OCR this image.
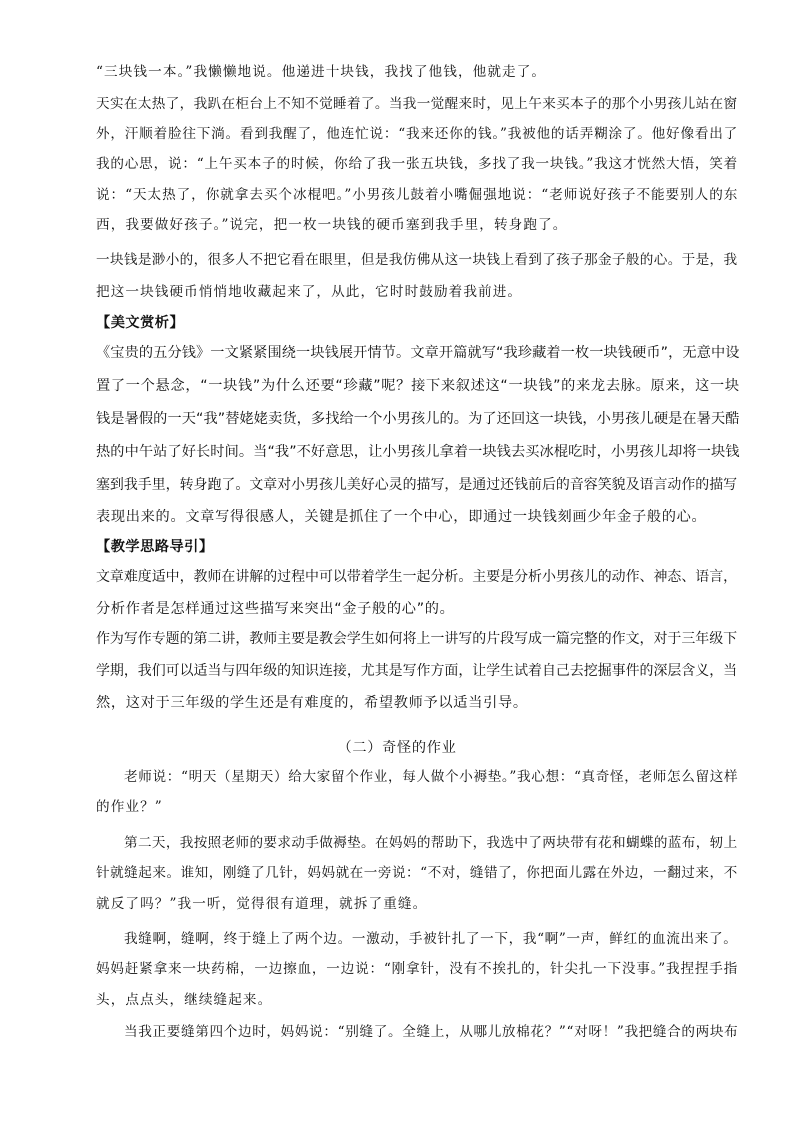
“三块钱一本。”我懒懒地说。他递进十块钱，我找了他钱，他就走了。
天实在太热了，我趴在柜台上不知不觉睡着了。当我一觉醒来时，见上午来买本子的那个小男孩儿站在窗
外，汗顺着脸往下淌。看到我醒了，他连忙说：“我来还你的钱。”我被他的话弄糊涂了。他好像看出了
我的心思，说：“上午买本子的时候，你给了我一张五块钱，多找了我一块钱。”我这才恍然大悟，笑着
说：“天太热了，你就拿去买个冰棍吧。”小男孩儿鼓着小嘴倔强地说：“老师说好孩子不能要别人的东
西，我要做好孩子。”说完，把一枚一块钱的硬币塞到我手里，转身跑了。
一块钱是渺小的，很多人不把它看在眼里，但是我仿佛从这一块钱上看到了孩子那金子般的心。于是，我
把这一块钱硬币悄悄地收藏起来了，从此，它时时鼓励着我前进。
【美文赏析】
《宝贵的五分钱》一文紧紧围绕一块钱展开情节。文章开篇就写“我珍藏着一枚一块钱硬币”，无意中设
置了一个悬念，“一块钱”为什么还要“珍藏”呢？接下来叙述这“一块钱”的来龙去脉。原来，这一块
钱是暑假的一天“我”替姥姥卖货，多找给一个小男孩儿的。为了还回这一块钱，小男孩儿硬是在暑天酷
热的中午站了好长时间。当“我”不好意思，让小男孩儿拿着一块钱去买冰棍吃时，小男孩儿却将一块钱
塞到我手里，转身跑了。文章对小男孩儿美好心灵的描写，是通过还钱前后的音容笑貌及语言动作的描写
表现出来的。文章写得很感人，关键是抓住了一个中心，即通过一块钱刻画少年金子般的心。
【教学思路导引】
文章难度适中，教师在讲解的过程中可以带着学生一起分析。主要是分析小男孩儿的动作、神态、语言，
分析作者是怎样通过这些描写来突出“金子般的心”的。
作为写作专题的第二讲，教师主要是教会学生如何将上一讲写的片段写成一篇完整的作文，对于三年级下
学期，我们可以适当与四年级的知识连接，尤其是写作方面，让学生试着自己去挖掘事件的深层含义，当
然，这对于三年级的学生还是有难度的，希望教师予以适当引导。
（二）奇怪的作业
老师说：“明天（星期天）给大家留个作业，每人做个小褥垫。”我心想：“真奇怪，老师怎么留这样
的作业？”
第二天，我按照老师的要求动手做褥垫。在妈妈的帮助下，我选中了两块带有花和蝴蝶的蓝布，轫上
针就缝起来。谁知，刚缝了几针，妈妈就在一旁说：“不对，缝错了，你把面儿露在外边，一翻过来，不
就反了吗？”我一听，觉得很有道理，就拆了重缝。
我缝啊，缝啊，终于缝上了两个边。一激动，手被针扎了一下，我“啊”一声，鲜红的血流出来了。
妈妈赶紧拿来一块药棉，一边擦血，一边说：“刚拿针，没有不挨扎的，针尖扎一下没事。”我捏捏手指
头，点点头，继续缝起来。
当我正要缝第四个边时，妈妈说：“别缝了。全缝上，从哪儿放棉花？”“对呀！”我把缝合的两块布
